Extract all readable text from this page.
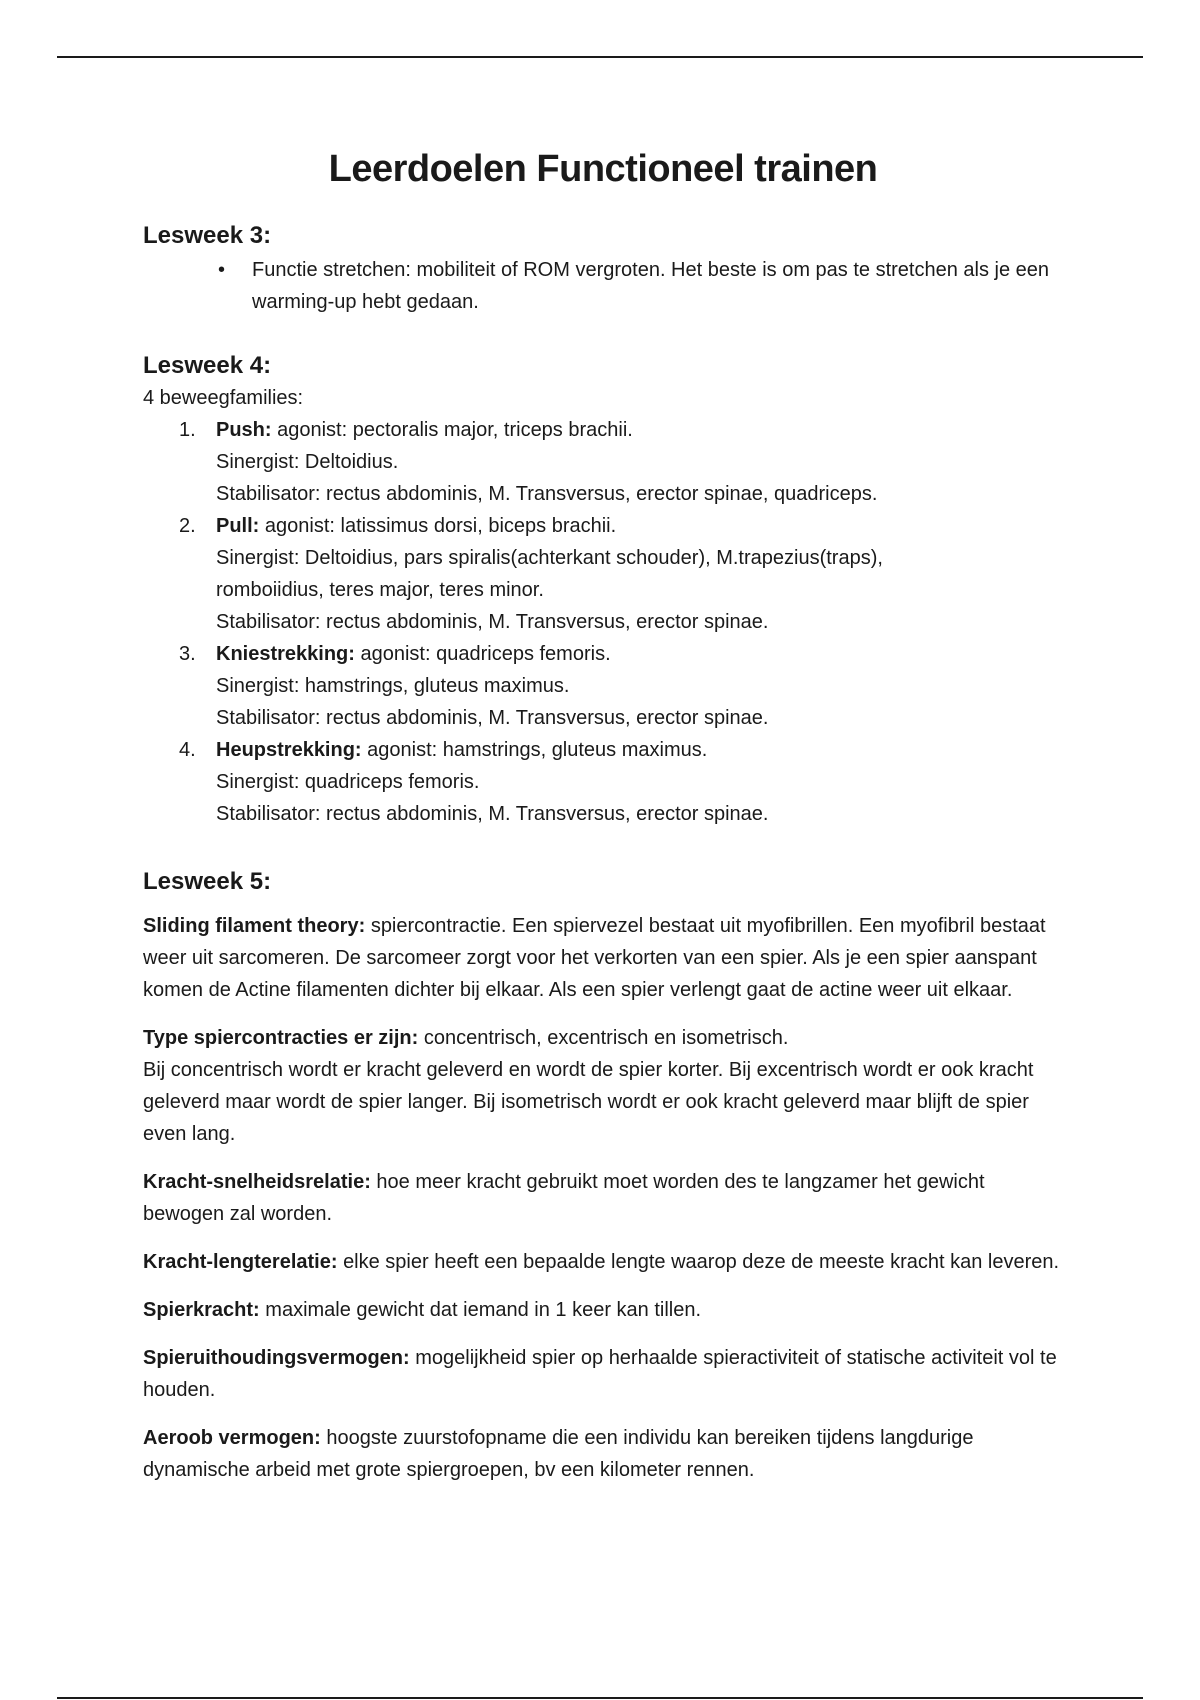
Leerdoelen Functioneel trainen
Lesweek 3:
• Functie stretchen: mobiliteit of ROM vergroten. Het beste is om pas te stretchen als je een warming-up hebt gedaan.
Lesweek 4:

4 beweegfamilies:

1. Push: agonist: pectoralis major, triceps brachii.
Sinergist: Deltoidius.
Stabilisator: rectus abdominis, M. Transversus, erector spinae, quadriceps.
2. Pull: agonist: latissimus dorsi, biceps brachii.
Sinergist: Deltoidius, pars spiralis(achterkant schouder), M.trapezius(traps), romboiidius, teres major, teres minor.
Stabilisator: rectus abdominis, M. Transversus, erector spinae.
3. Kniestrekking: agonist: quadriceps femoris.
Sinergist: hamstrings, gluteus maximus.
Stabilisator: rectus abdominis, M. Transversus, erector spinae.
4. Heupstrekking: agonist: hamstrings, gluteus maximus.
Sinergist: quadriceps femoris.
Stabilisator: rectus abdominis, M. Transversus, erector spinae.
Lesweek 5:

Sliding filament theory: spiercontractie. Een spiervezel bestaat uit myofibrillen. Een myofibril bestaat weer uit sarcomeren. De sarcomeer zorgt voor het verkorten van een spier. Als je een spier aanspant komen de Actine filamenten dichter bij elkaar. Als een spier verlengt gaat de actine weer uit elkaar.

Type spiercontracties er zijn: concentrisch, excentrisch en isometrisch.
Bij concentrisch wordt er kracht geleverd en wordt de spier korter. Bij excentrisch wordt er ook kracht geleverd maar wordt de spier langer. Bij isometrisch wordt er ook kracht geleverd maar blijft de spier even lang.

Kracht-snelheidsrelatie: hoe meer kracht gebruikt moet worden des te langzamer het gewicht bewogen zal worden.

Kracht-lengterelatie: elke spier heeft een bepaalde lengte waarop deze de meeste kracht kan leveren.

Spierkracht: maximale gewicht dat iemand in 1 keer kan tillen.

Spieruithoudingsvermogen: mogelijkheid spier op herhaalde spieractiviteit of statische activiteit vol te houden.

Aeroob vermogen: hoogste zuurstofopname die een individu kan bereiken tijdens langdurige dynamische arbeid met grote spiergroepen, bv een kilometer rennen.
